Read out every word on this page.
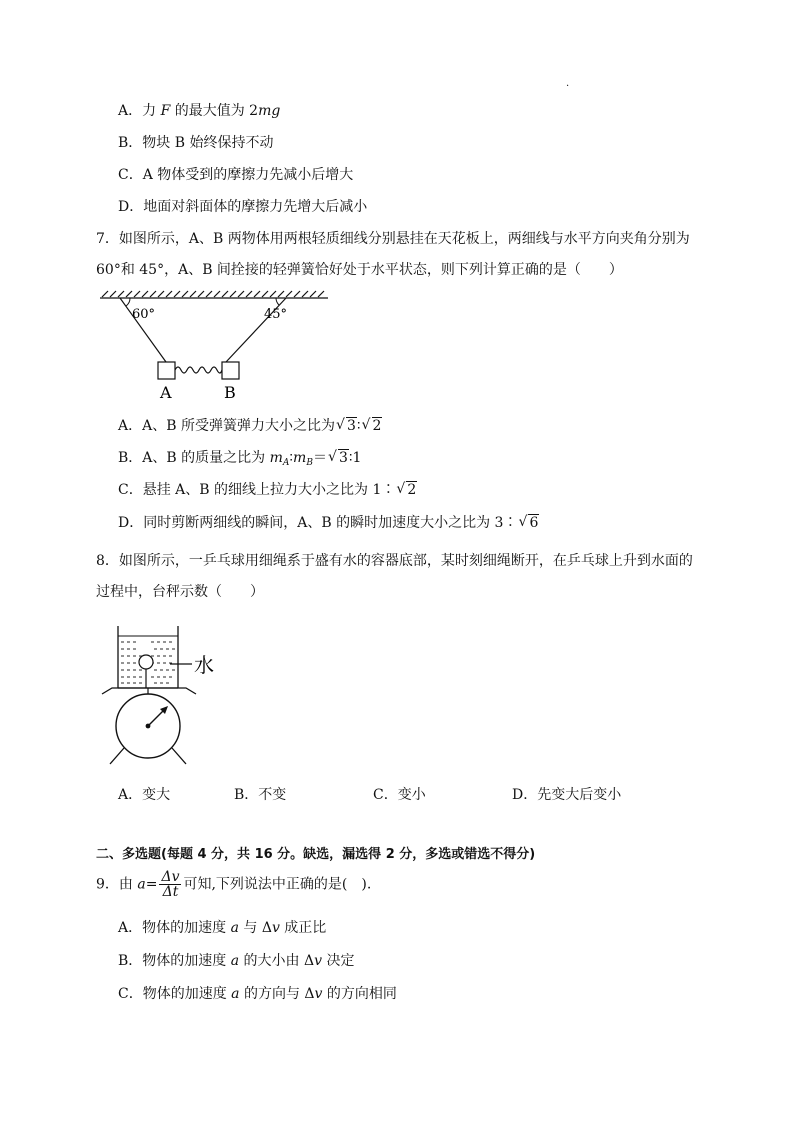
.
A．力 F 的最大值为 2mg
B．物块 B 始终保持不动
C．A 物体受到的摩擦力先减小后增大
D．地面对斜面体的摩擦力先增大后减小
7．如图所示，A、B 两物体用两根轻质细线分别悬挂在天花板上，两细线与水平方向夹角分别为
60°和 45°，A、B 间拴接的轻弹簧恰好处于水平状态，则下列计算正确的是（　　）
60°	45°
A	B
A．A、B 所受弹簧弹力大小之比为√ 3∶√ 2
B．A、B 的质量之比为 $m_A∶m_B=√$ 3∶1
C．悬挂 A、B 的细线上拉力大小之比为 1∶√ 2
D．同时剪断两细线的瞬间，A、B 的瞬时加速度大小之比为 3∶√ 6
8．如图所示，一乒乓球用细绳系于盛有水的容器底部，某时刻细绳断开，在乒乓球上升到水面的
过程中，台秤示数（　　）
水
A．变大	B．不变	C．变小	D．先变大后变小
二、多选题(每题 4 分，共 16 分。缺选，漏选得 2 分，多选或错选不得分)
9．由 $a= \frac{\Delta v}{\Delta t}$ 可知,下列说法中正确的是(　).
A．物体的加速度 a 与 Δv 成正比
B．物体的加速度 a 的大小由 Δv 决定
C．物体的加速度 a 的方向与 Δv 的方向相同
